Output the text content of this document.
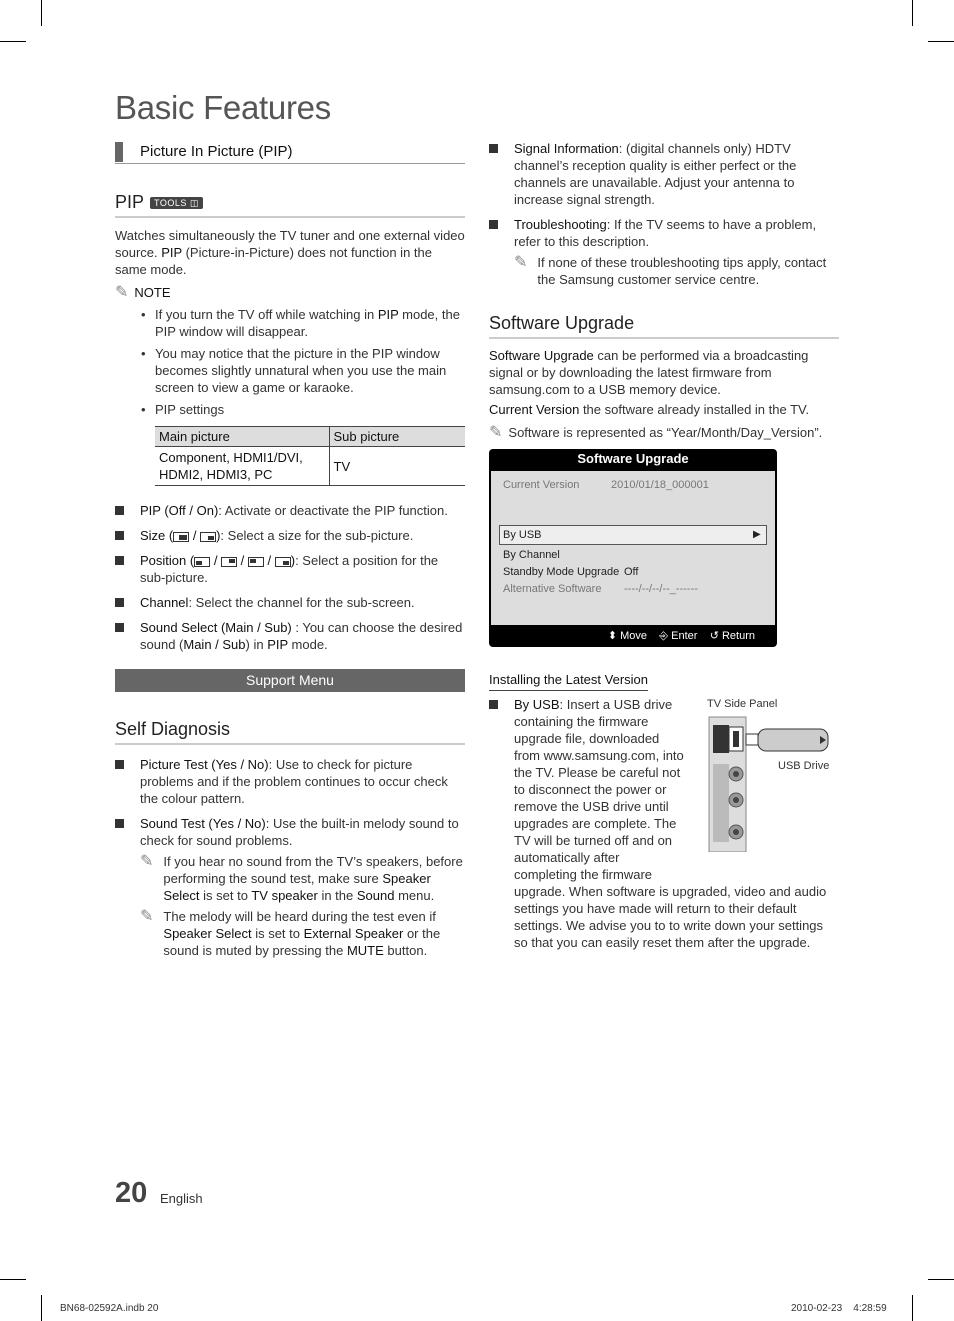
Basic Features
Picture In Picture (PIP)
PIP TOOLS ◫

Watches simultaneously the TV tuner and one external video source. PIP (Picture-in-Picture) does not function in the same mode.

✎ NOTE
• If you turn the TV off while watching in PIP mode, the PIP window will disappear.
• You may notice that the picture in the PIP window becomes slightly unnatural when you use the main screen to view a game or karaoke.
• PIP settings
Main picture	Sub picture
Component, HDMI1/DVI, HDMI2, HDMI3, PC	TV
PIP (Off / On): Activate or deactivate the PIP function.
Size (
/
): Select a size for the sub-picture.
Position (
/
/
/
): Select a position for the sub-picture.
Channel: Select the channel for the sub-screen.
Sound Select (Main / Sub) : You can choose the desired sound (Main / Sub) in PIP mode.
Support Menu
Self Diagnosis
Picture Test (Yes / No): Use to check for picture problems and if the problem continues to occur check the colour pattern.
Sound Test (Yes / No): Use the built-in melody sound to check for sound problems.
✎ If you hear no sound from the TV’s speakers, before performing the sound test, make sure Speaker Select is set to TV speaker in the Sound menu.

✎ The melody will be heard during the test even if Speaker Select is set to External Speaker or the sound is muted by pressing the MUTE button.

Signal Information: (digital channels only) HDTV channel’s reception quality is either perfect or the channels are unavailable. Adjust your antenna to increase signal strength.
Troubleshooting: If the TV seems to have a problem, refer to this description.
✎ If none of these troubleshooting tips apply, contact the Samsung customer service centre.

Software Upgrade

Software Upgrade can be performed via a broadcasting signal or by downloading the latest firmware from samsung.com to a USB memory device.

Current Version the software already installed in the TV.

✎ Software is represented as “Year/Month/Day_Version”.
Software Upgrade
Current Version	2010/01/18_000001
By USB	▶
By Channel
Standby Mode Upgrade Off
Alternative Software ----/--/--/--_------
⬍ Move ⎆ Enter ↺ Return
Installing the Latest Version
By USB: Insert a USB drive containing the firmware upgrade file, downloaded from www.samsung.com, into the TV. Please be careful not to disconnect the power or remove the USB drive until upgrades are complete. The TV will be turned off and on automatically after completing the firmware

upgrade. When software is upgraded, video and audio settings you have made will return to their default settings. We advise you to to write down your settings so that you can easily reset them after the upgrade.

TV Side Panel
USB Drive
20 English
BN68-02592A.indb 20	2010-02-23    4:28:59
